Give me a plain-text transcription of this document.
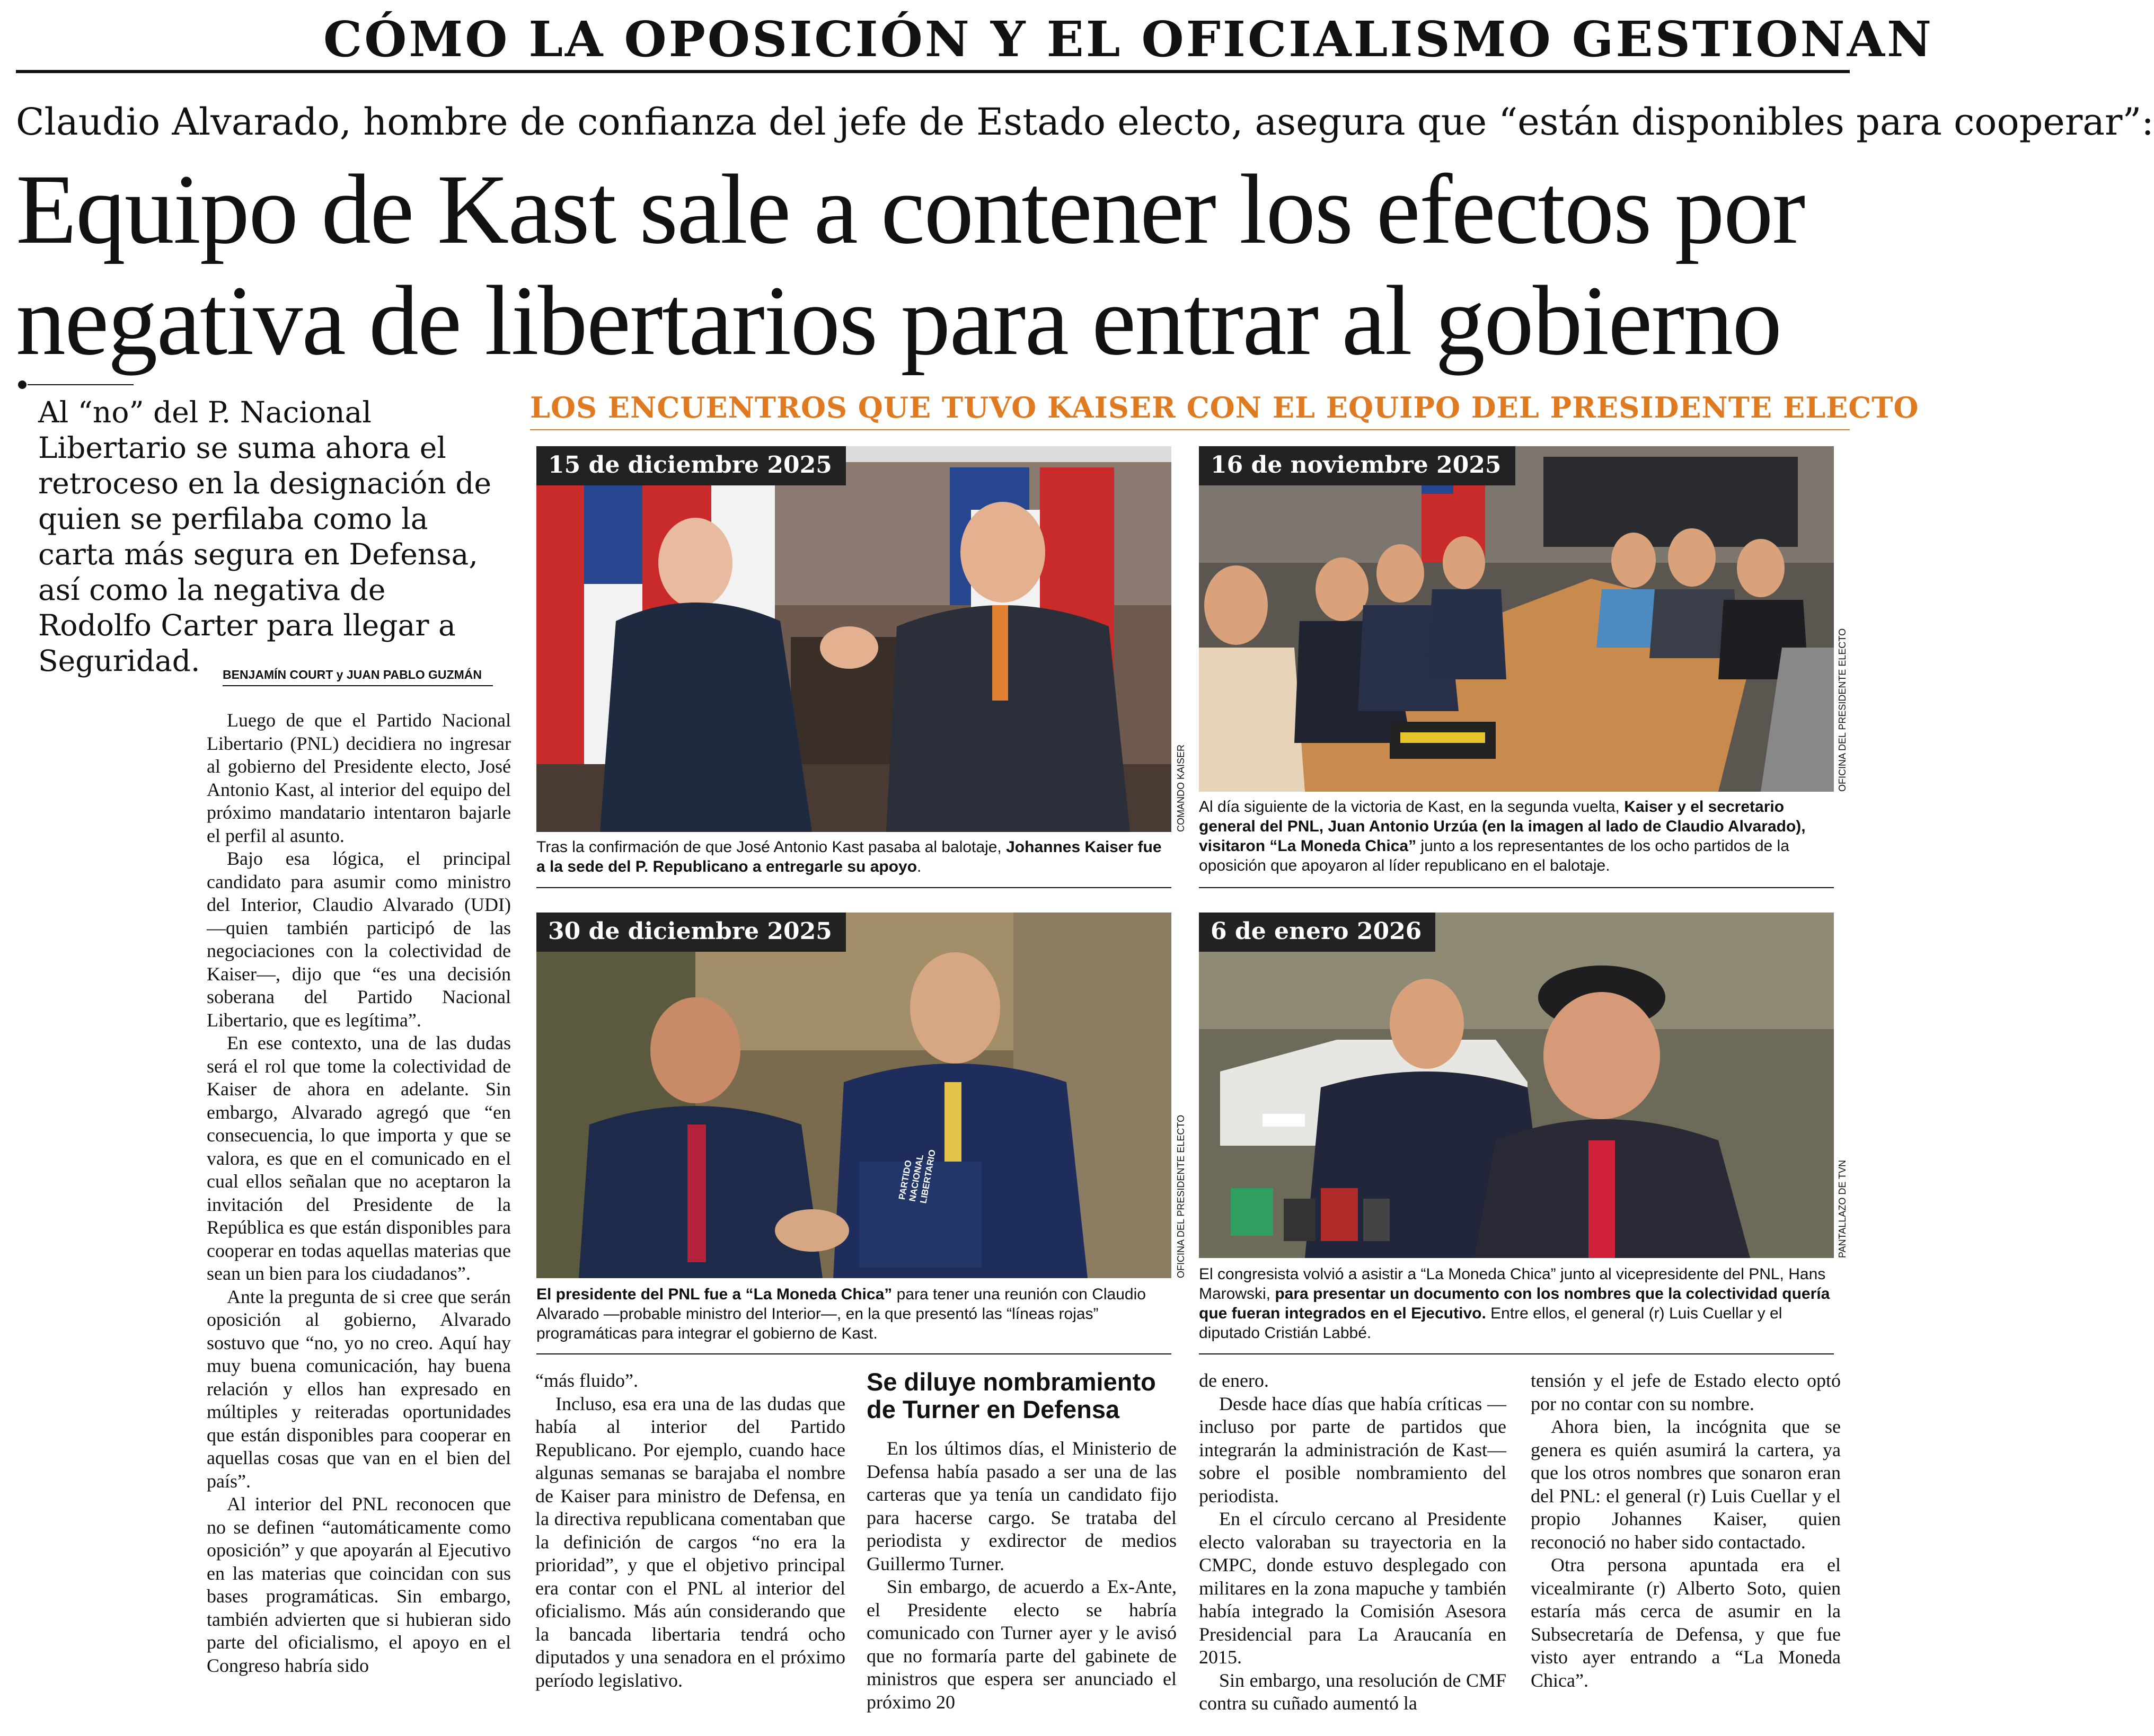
CÓMO LA OPOSICIÓN Y EL OFICIALISMO GESTIONAN
Claudio Alvarado, hombre de confianza del jefe de Estado electo, asegura que “están disponibles para cooperar”:
Equipo de Kast sale a contener los efectos por
negativa de libertarios para entrar al gobierno
Al “no” del P. Nacional Libertario se suma ahora el retroceso en la designación de quien se perfilaba como la carta más segura en Defensa, así como la negativa de Rodolfo Carter para llegar a Seguridad.	BENJAMÍN COURT y JUAN PABLO GUZMÁN

Luego de que el Partido Nacional Libertario (PNL) decidiera no ingresar al gobierno del Presidente electo, José Antonio Kast, al interior del equipo del próximo mandatario intentaron bajarle el perfil al asunto.

Bajo esa lógica, el principal candidato para asumir como ministro del Interior, Claudio Alvarado (UDI) —quien también participó de las negociaciones con la colectividad de Kaiser—, dijo que “es una decisión soberana del Partido Nacional Libertario, que es legítima”.

En ese contexto, una de las dudas será el rol que tome la colectividad de Kaiser de ahora en adelante. Sin embargo, Alvarado agregó que “en consecuencia, lo que importa y que se valora, es que en el comunicado en el cual ellos señalan que no aceptaron la invitación del Presidente de la República es que están disponibles para cooperar en todas aquellas materias que sean un bien para los ciudadanos”.

Ante la pregunta de si cree que serán oposición al gobierno, Alvarado sostuvo que “no, yo no creo. Aquí hay muy buena comunicación, hay buena relación y ellos han expresado en múltiples y reiteradas oportunidades que están disponibles para cooperar en aquellas cosas que van en el bien del país”.

Al interior del PNL reconocen que no se definen “automáticamente como oposición” y que apoyarán al Ejecutivo en las materias que coincidan con sus bases programáticas. Sin embargo, también advierten que si hubieran sido parte del oficialismo, el apoyo en el Congreso habría sido

LOS ENCUENTROS QUE TUVO KAISER CON EL EQUIPO DEL PRESIDENTE ELECTO
15 de diciembre 2025
COMANDO KAISER
Tras la confirmación de que José Antonio Kast pasaba al balotaje, Johannes Kaiser fue a la sede del P. Republicano a entregarle su apoyo.
16 de noviembre 2025
OFICINA DEL PRESIDENTE ELECTO
Al día siguiente de la victoria de Kast, en la segunda vuelta, Kaiser y el secretario general del PNL, Juan Antonio Urzúa (en la imagen al lado de Claudio Alvarado), visitaron “La Moneda Chica” junto a los representantes de los ocho partidos de la oposición que apoyaron al líder republicano en el balotaje.
PARTIDO NACIONAL LIBERTARIO
30 de diciembre 2025
OFICINA DEL PRESIDENTE ELECTO
El presidente del PNL fue a “La Moneda Chica” para tener una reunión con Claudio Alvarado —probable ministro del Interior—, en la que presentó las “líneas rojas” programáticas para integrar el gobierno de Kast.
6 de enero 2026
PANTALLAZO DE TVN
El congresista volvió a asistir a “La Moneda Chica” junto al vicepresidente del PNL, Hans Marowski, para presentar un documento con los nombres que la colectividad quería que fueran integrados en el Ejecutivo. Entre ellos, el general (r) Luis Cuellar y el diputado Cristián Labbé.

“más fluido”.

Incluso, esa era una de las dudas que había al interior del Partido Republicano. Por ejemplo, cuando hace algunas semanas se barajaba el nombre de Kaiser para ministro de Defensa, en la directiva republicana comentaban que la definición de cargos “no era la prioridad”, y que el objetivo principal era contar con el PNL al interior del oficialismo. Más aún considerando que la bancada libertaria tendrá ocho diputados y una senadora en el próximo período legislativo.

Se diluye nombramiento de Turner en Defensa

En los últimos días, el Ministerio de Defensa había pasado a ser una de las carteras que ya tenía un candidato fijo para hacerse cargo. Se trataba del periodista y exdirector de medios Guillermo Turner.

Sin embargo, de acuerdo a Ex-Ante, el Presidente electo se habría comunicado con Turner ayer y le avisó que no formaría parte del gabinete de ministros que espera ser anunciado el próximo 20

de enero.

Desde hace días que había críticas —incluso por parte de partidos que integrarán la administración de Kast— sobre el posible nombramiento del periodista.

En el círculo cercano al Presidente electo valoraban su trayectoria en la CMPC, donde estuvo desplegado con militares en la zona mapuche y también había integrado la Comisión Asesora Presidencial para La Araucanía en 2015.

Sin embargo, una resolución de CMF contra su cuñado aumentó la

tensión y el jefe de Estado electo optó por no contar con su nombre.

Ahora bien, la incógnita que se genera es quién asumirá la cartera, ya que los otros nombres que sonaron eran del PNL: el general (r) Luis Cuellar y el propio Johannes Kaiser, quien reconoció no haber sido contactado.

Otra persona apuntada era el vicealmirante (r) Alberto Soto, quien estaría más cerca de asumir en la Subsecretaría de Defensa, y que fue visto ayer entrando a “La Moneda Chica”.
